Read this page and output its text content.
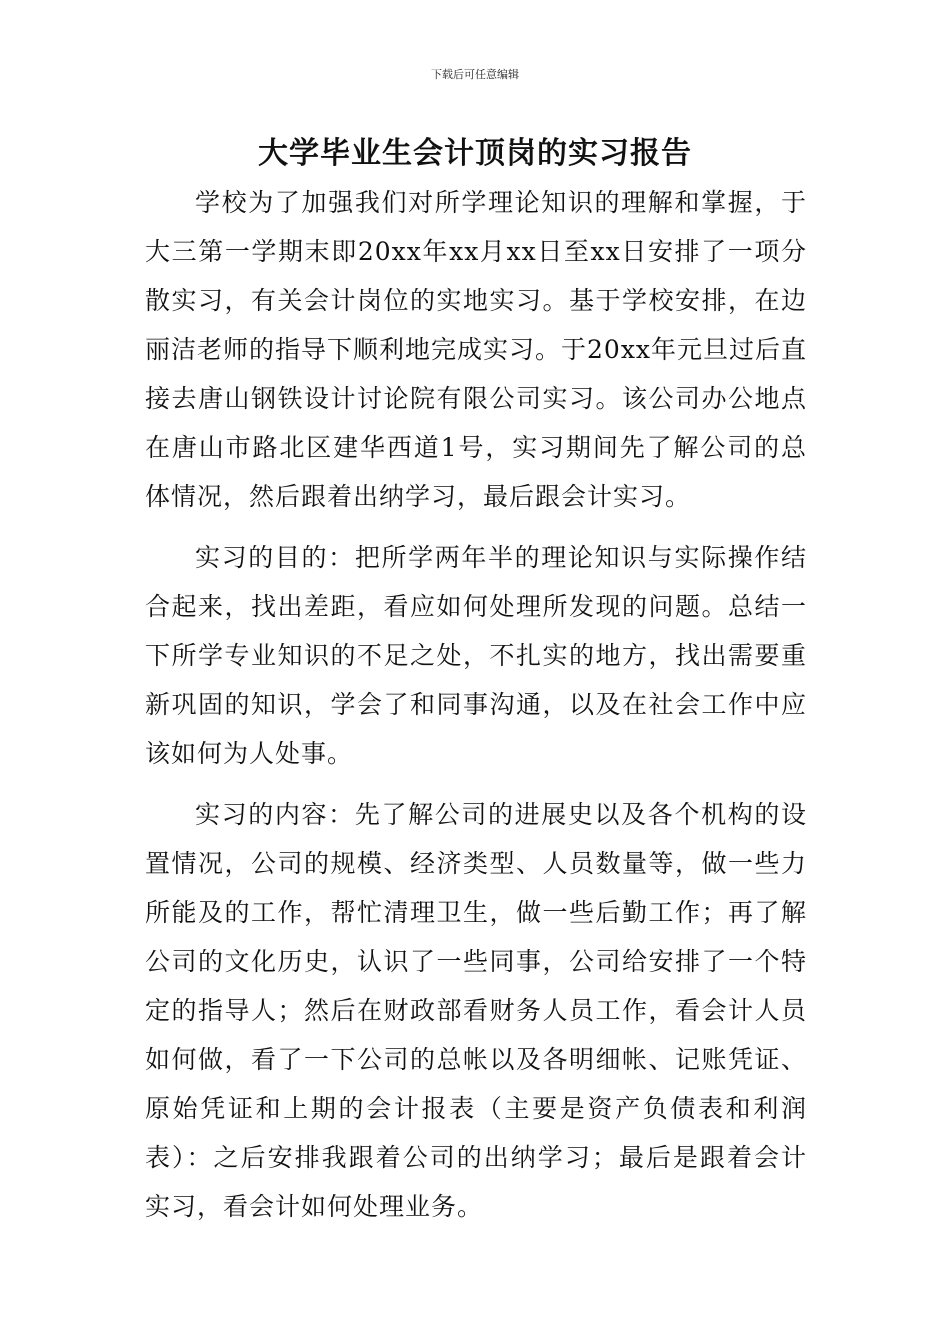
下载后可任意编辑
大学毕业生会计顶岗的实习报告

学校为了加强我们对所学理论知识的理解和掌握，于大三第一学期末即20xx年xx月xx日至xx日安排了一项分散实习，有关会计岗位的实地实习。基于学校安排，在边丽洁老师的指导下顺利地完成实习。于20xx年元旦过后直接去唐山钢铁设计讨论院有限公司实习。该公司办公地点在唐山市路北区建华西道1号，实习期间先了解公司的总体情况，然后跟着出纳学习，最后跟会计实习。

实习的目的：把所学两年半的理论知识与实际操作结合起来，找出差距，看应如何处理所发现的问题。总结一下所学专业知识的不足之处，不扎实的地方，找出需要重新巩固的知识，学会了和同事沟通，以及在社会工作中应该如何为人处事。

实习的内容：先了解公司的进展史以及各个机构的设置情况，公司的规模、经济类型、人员数量等，做一些力所能及的工作，帮忙清理卫生，做一些后勤工作；再了解公司的文化历史，认识了一些同事，公司给安排了一个特定的指导人；然后在财政部看财务人员工作，看会计人员如何做，看了一下公司的总帐以及各明细帐、记账凭证、原始凭证和上期的会计报表（主要是资产负债表和利润表）：之后安排我跟着公司的出纳学习；最后是跟着会计实习，看会计如何处理业务。
